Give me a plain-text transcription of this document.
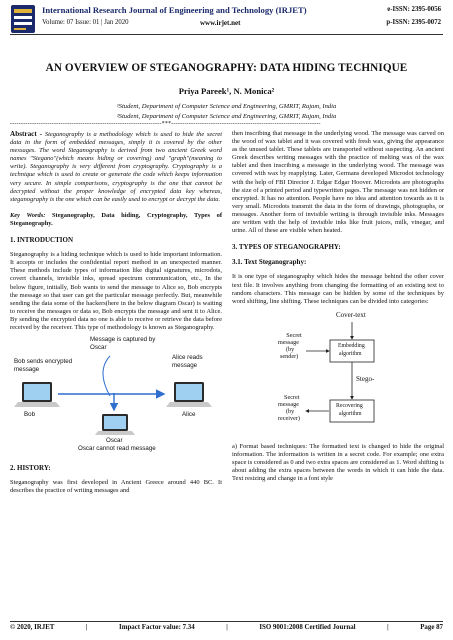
International Research Journal of Engineering and Technology (IRJET)
Volume: 07 Issue: 01 | Jan 2020	www.irjet.net
e-ISSN: 2395-0056
p-ISSN: 2395-0072
AN OVERVIEW OF STEGANOGRAPHY: DATA HIDING TECHNIQUE
Priya Pareek¹, N. Monica²
¹Student, Department of Computer Science and Engineering, GMRIT, Rajam, India
²Student, Department of Computer Science and Engineering, GMRIT, Rajam, India
---------------------------------------------------------------------***--------------------------------------------------------------------
Abstract - Steganography is a methodology which is used to hide the secret data in the form of embedded messages, simply it is covered by the other messages. The word Steganography is derived from two ancient Greek word names "Stegano"(which means hiding or covering) and "graph"(meaning to write). Steganography is very different from cryptography. Cryptography is a technique which is used to create or generate the code which keeps information very secure. In simple comparisons, cryptography is the one that cannot be decrypted without the proper knowledge of encrypted data key whereas, steganography is the one which can be easily used to encrypt or decrypt the data.
Key Words: Steganography, Data hiding, Cryptography, Types of Steganography.
1. INTRODUCTION
Steganography is a hiding technique which is used to hide important information. It accepts or includes the confidential report method in an unexpected manner. These methods include types of information like digital signatures, microdots, covert channels, invisible inks, spread spectrum communication, etc., In the below figure, initially, Bob wants to send the message to Alice so, Bob encrypts the message so that user can get the particular message perfectly. But, meanwhile sending the data some of the hackers(here in the below diagram Oscar) is waiting to receive the messages or data so, Bob encrypts the message and sent it to Alice. By sending the encrypted data no one is able to receive or retrieve the data before received by the receiver. This type of methodology is known as Steganography.
Message is captured by
Oscar
Bob sends encrypted
message
Alice reads
message
Bob	Alice
Oscar
Oscar cannot read message
2. HISTORY:
Steganography was first developed in Ancient Greece around 440 BC. It describes the practice of writing messages and
then inscribing that message in the underlying wood. The message was carved on the wood of wax tablet and it was covered with fresh wax, giving the appearance as the unused tablet. These tablets are transported without suspecting. An ancient Greek describes writing messages with the practice of melting wax of the wax tablet and then inscribing a message in the underlying wood. The message was covered with wax by reapplying. Later, Germans developed Microdot technology with the help of FBI Director J. Edgar Edgar Hoover. Microdots are photographs the size of a printed period and typewritten pages. The message was not hidden or encrypted. It has no attention. People have no idea and attention towards as it is very small. Microdots transmit the data in the form of drawings, photographs, or messages. Another form of invisible writing is through invisible inks. Messages are written with the help of invisible inks like fruit juices, milk, vinegar, and urine. All of these are visible when heated.
3. TYPES OF STEGANOGRAPHY:
3.1. Text Steganography:
It is one type of steganography which hides the message behind the other cover text file. It involves anything from changing the formatting of an existing text to random characters. This message can be hidden by some of the techniques by word shifting, line shifting. These techniques can be divided into categories:
Cover-text
Secret
message
(by
sender)
Embedding
algorithm
Stego-
Secret
message
(by
receiver)
Recovering
algorithm
a) Format based techniques: The formatted text is changed to hide the original information. The information is written in a secret code. For example; one extra space is considered as 0 and two extra spaces are considered as 1. Word shifting is about adding the extra spaces between the words in which it can hide the data. Text resizing and change in a font style
© 2020, IRJET	|	Impact Factor value: 7.34	|	ISO 9001:2008 Certified Journal	|	Page 87
